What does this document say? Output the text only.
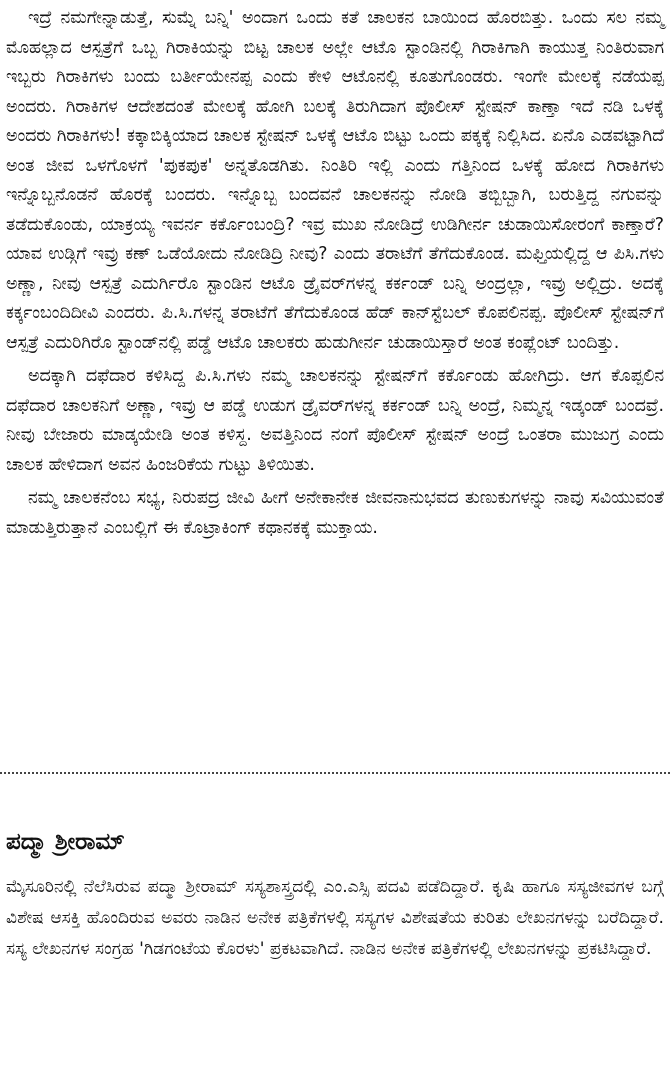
ಇದ್ರೆ ನಮಗೇನ್ನಾಡುತ್ತೆ, ಸುಮ್ನೆ ಬನ್ನಿ' ಅಂದಾಗ ಒಂದು ಕತೆ ಚಾಲಕನ ಬಾಯಿಂದ ಹೊರಬಿತ್ತು. ಒಂದು ಸಲ ನಮ್ಮ ಮೊಹಲ್ಲಾದ ಆಸ್ಪತ್ರೆಗೆ ಒಬ್ಬ ಗಿರಾಕಿಯನ್ನು ಬಿಟ್ಟ ಚಾಲಕ ಅಲ್ಲೇ ಆಟೊ ಸ್ಟಾಂಡಿನಲ್ಲಿ ಗಿರಾಕಿಗಾಗಿ ಕಾಯುತ್ತ ನಿಂತಿರುವಾಗ ಇಬ್ಬರು ಗಿರಾಕಿಗಳು ಬಂದು ಬರ್ತೀಯೇನಪ್ಪ ಎಂದು ಕೇಳಿ ಆಟೊನಲ್ಲಿ ಕೂತುಗೊಂಡರು. ಇಂಗೇ ಮೇಲಕ್ಕೆ ನಡೆಯಪ್ಪ ಅಂದರು. ಗಿರಾಕಿಗಳ ಆದೇಶದಂತೆ ಮೇಲಕ್ಕೆ ಹೋಗಿ ಬಲಕ್ಕೆ ತಿರುಗಿದಾಗ ಪೊಲೀಸ್ ಸ್ಟೇಷನ್ ಕಾಣ್ತಾ ಇದೆ ನಡಿ ಒಳಕ್ಕೆ ಅಂದರು ಗಿರಾಕಿಗಳು! ಕಕ್ಕಾಬಿಕ್ಕಿಯಾದ ಚಾಲಕ ಸ್ಟೇಷನ್ ಒಳಕ್ಕೆ ಆಟೊ ಬಿಟ್ಟು ಒಂದು ಪಕ್ಕಕ್ಕೆ ನಿಲ್ಲಿಸಿದ. ಏನೊ ಎಡವಟ್ಟಾಗಿದೆ ಅಂತ ಜೀವ ಒಳಗೊಳಗೆ 'ಪುಕಪುಕ' ಅನ್ನತೊಡಗಿತು. ನಿಂತಿರಿ ಇಲ್ಲಿ ಎಂದು ಗತ್ತಿನಿಂದ ಒಳಕ್ಕೆ ಹೋದ ಗಿರಾಕಿಗಳು ಇನ್ನೊಬ್ಬನೊಡನೆ ಹೊರಕ್ಕೆ ಬಂದರು. ಇನ್ನೊಬ್ಬ ಬಂದವನೆ ಚಾಲಕನನ್ನು ನೋಡಿ ತಬ್ಬಿಬ್ಬಾಗಿ, ಬರುತ್ತಿದ್ದ ನಗುವನ್ನು ತಡೆದುಕೊಂಡು, ಯಾಕ್ರಯ್ಯ ಇವರ್ನ ಕರ್ಕೊಂಬಂದ್ರಿ? ಇವ್ರ ಮುಖ ನೋಡಿದ್ರೆ ಉಡಿಗೀರ್ನ ಚುಡಾಯಿಸೋರಂಗೆ ಕಾಣ್ತಾರೆ? ಯಾವ ಉಡ್ಗಿಗೆ ಇವ್ರು ಕಣ್ ಒಡೆಯೋದು ನೋಡಿದ್ರಿ ನೀವು? ಎಂದು ತರಾಟೆಗೆ ತೆಗೆದುಕೊಂಡ. ಮಫ್ತಿಯಲ್ಲಿದ್ದ ಆ ಪಿಸಿ.ಗಳು ಅಣ್ಣಾ, ನೀವು ಆಸ್ಪತ್ರೆ ಎದುರ್ಗಿರೊ ಸ್ಟಾಂಡಿನ ಆಟೊ ಡ್ರೈವರ್‌ಗಳನ್ನ ಕರ್ಕಂಡ್ ಬನ್ನಿ ಅಂದ್ರಲ್ಲಾ, ಇವ್ರು ಅಲ್ಲಿದ್ರು. ಅದಕ್ಕೆ ಕರ್ಕ್ಕಂಬಂದಿದೀವಿ ಎಂದರು. ಪಿ.ಸಿ.ಗಳನ್ನ ತರಾಟೆಗೆ ತೆಗೆದುಕೊಂಡ ಹೆಡ್ ಕಾನ್‌ಸ್ಟೆಬಲ್ ಕೊಪಲಿನಪ್ಪ. ಪೊಲೀಸ್ ಸ್ಟೇಷನ್‌ಗೆ ಆಸ್ಪತ್ರೆ ಎದುರಿಗಿರೊ ಸ್ಟಾಂಡ್‌ನಲ್ಲಿ ಪಡ್ಡೆ ಆಟೊ ಚಾಲಕರು ಹುಡುಗೀರ್ನ ಚುಡಾಯಿಸ್ತಾರೆ ಅಂತ ಕಂಪ್ಲೆಂಟ್ ಬಂದಿತ್ತು.

ಅದಕ್ಕಾಗಿ ದಫೆದಾರ ಕಳಿಸಿದ್ದ ಪಿ.ಸಿ.ಗಳು ನಮ್ಮ ಚಾಲಕನನ್ನು ಸ್ಟೇಷನ್‌ಗೆ ಕರ್ಕೊಂಡು ಹೋಗಿದ್ರು. ಆಗ ಕೊಪ್ಪಲಿನ ದಫೆದಾರ ಚಾಲಕನಿಗೆ ಅಣ್ಣಾ, ಇವ್ರು ಆ ಪಡ್ಡೆ ಉಡುಗ ಡ್ರೈವರ್‌ಗಳನ್ನ ಕರ್ಕಂಡ್ ಬನ್ನಿ ಅಂದ್ರೆ, ನಿಮ್ಮನ್ನ ಇಡ್ಕಂಡ್ ಬಂದವ್ರೆ. ನೀವು ಬೇಜಾರು ಮಾಡ್ಕಯೇಡಿ ಅಂತ ಕಳಿಸ್ದ. ಅವತ್ತಿನಿಂದ ನಂಗೆ ಪೊಲೀಸ್ ಸ್ಟೇಷನ್ ಅಂದ್ರೆ ಒಂತರಾ ಮುಜುಗ್ರ ಎಂದು ಚಾಲಕ ಹೇಳಿದಾಗ ಅವನ ಹಿಂಜರಿಕೆಯ ಗುಟ್ಟು ತಿಳಿಯಿತು.

ನಮ್ಮ ಚಾಲಕನೆಂಬ ಸಭ್ಯ, ನಿರುಪದ್ರ ಜೀವಿ ಹೀಗೆ ಅನೇಕಾನೇಕ ಜೀವನಾನುಭವದ ತುಣುಕುಗಳನ್ನು ನಾವು ಸವಿಯುವಂತೆ ಮಾಡುತ್ತಿರುತ್ತಾನೆ ಎಂಬಲ್ಲಿಗೆ ಈ ಕೊಟ್ರಾಕಿಂಗ್ ಕಥಾನಕಕ್ಕೆ ಮುಕ್ತಾಯ.

ಪದ್ಮಾ ಶ್ರೀರಾಮ್

ಮೈಸೂರಿನಲ್ಲಿ ನೆಲೆಸಿರುವ ಪದ್ಮಾ ಶ್ರೀರಾಮ್ ಸಸ್ಯಶಾಸ್ತ್ರದಲ್ಲಿ ಎಂ.ಎಸ್ಸಿ ಪದವಿ ಪಡೆದಿದ್ದಾರೆ. ಕೃಷಿ ಹಾಗೂ ಸಸ್ಯಜೀವಗಳ ಬಗ್ಗೆ ವಿಶೇಷ ಆಸಕ್ತಿ ಹೊಂದಿರುವ ಅವರು ನಾಡಿನ ಅನೇಕ ಪತ್ರಿಕೆಗಳಲ್ಲಿ ಸಸ್ಯಗಳ ವಿಶೇಷತೆಯ ಕುರಿತು ಲೇಖನಗಳನ್ನು ಬರೆದಿದ್ದಾರೆ. ಸಸ್ಯ ಲೇಖನಗಳ ಸಂಗ್ರಹ 'ಗಿಡಗಂಟೆಯ ಕೊರಳು' ಪ್ರಕಟವಾಗಿದೆ. ನಾಡಿನ ಅನೇಕ ಪತ್ರಿಕೆಗಳಲ್ಲಿ ಲೇಖನಗಳನ್ನು ಪ್ರಕಟಿಸಿದ್ದಾರೆ.
